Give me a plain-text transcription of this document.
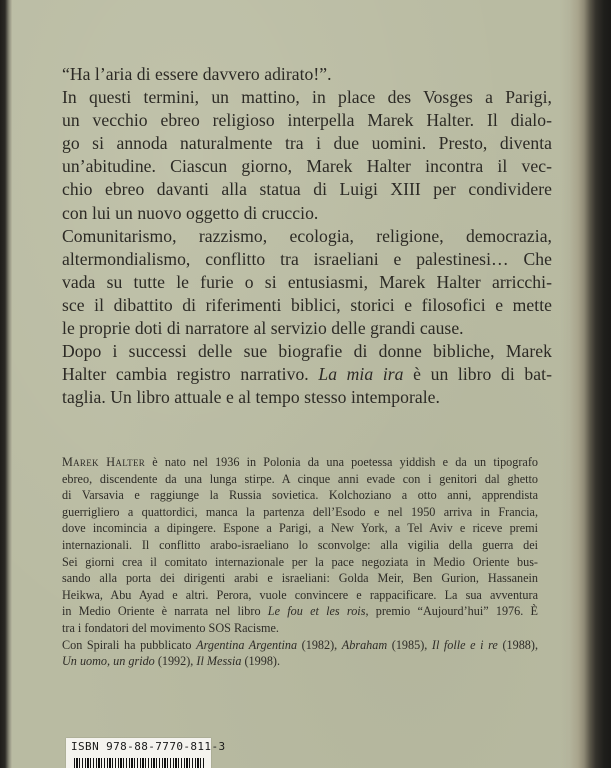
“Ha l’aria di essere davvero adirato!”.
In questi termini, un mattino, in place des Vosges a Parigi,
un vecchio ebreo religioso interpella Marek Halter. Il dialo-
go si annoda naturalmente tra i due uomini. Presto, diventa
un’abitudine. Ciascun giorno, Marek Halter incontra il vec-
chio ebreo davanti alla statua di Luigi XIII per condividere
con lui un nuovo oggetto di cruccio.
Comunitarismo, razzismo, ecologia, religione, democrazia,
altermondialismo, conflitto tra israeliani e palestinesi… Che
vada su tutte le furie o si entusiasmi, Marek Halter arricchi-
sce il dibattito di riferimenti biblici, storici e filosofici e mette
le proprie doti di narratore al servizio delle grandi cause.
Dopo i successi delle sue biografie di donne bibliche, Marek
Halter cambia registro narrativo. La mia ira è un libro di bat-
taglia. Un libro attuale e al tempo stesso intemporale.
Marek Halter è nato nel 1936 in Polonia da una poetessa yiddish e da un tipografo
ebreo, discendente da una lunga stirpe. A cinque anni evade con i genitori dal ghetto
di Varsavia e raggiunge la Russia sovietica. Kolchoziano a otto anni, apprendista
guerrigliero a quattordici, manca la partenza dell’Esodo e nel 1950 arriva in Francia,
dove incomincia a dipingere. Espone a Parigi, a New York, a Tel Aviv e riceve premi
internazionali. Il conflitto arabo-israeliano lo sconvolge: alla vigilia della guerra dei
Sei giorni crea il comitato internazionale per la pace negoziata in Medio Oriente bus-
sando alla porta dei dirigenti arabi e israeliani: Golda Meir, Ben Gurion, Hassanein
Heikwa, Abu Ayad e altri. Perora, vuole convincere e rappacificare. La sua avventura
in Medio Oriente è narrata nel libro Le fou et les rois, premio “Aujourd’hui” 1976. È
tra i fondatori del movimento SOS Racisme.
Con Spirali ha pubblicato Argentina Argentina (1982), Abraham (1985), Il folle e i re (1988),
Un uomo, un grido (1992), Il Messia (1998).
ISBN 978-88-7770-811-3
